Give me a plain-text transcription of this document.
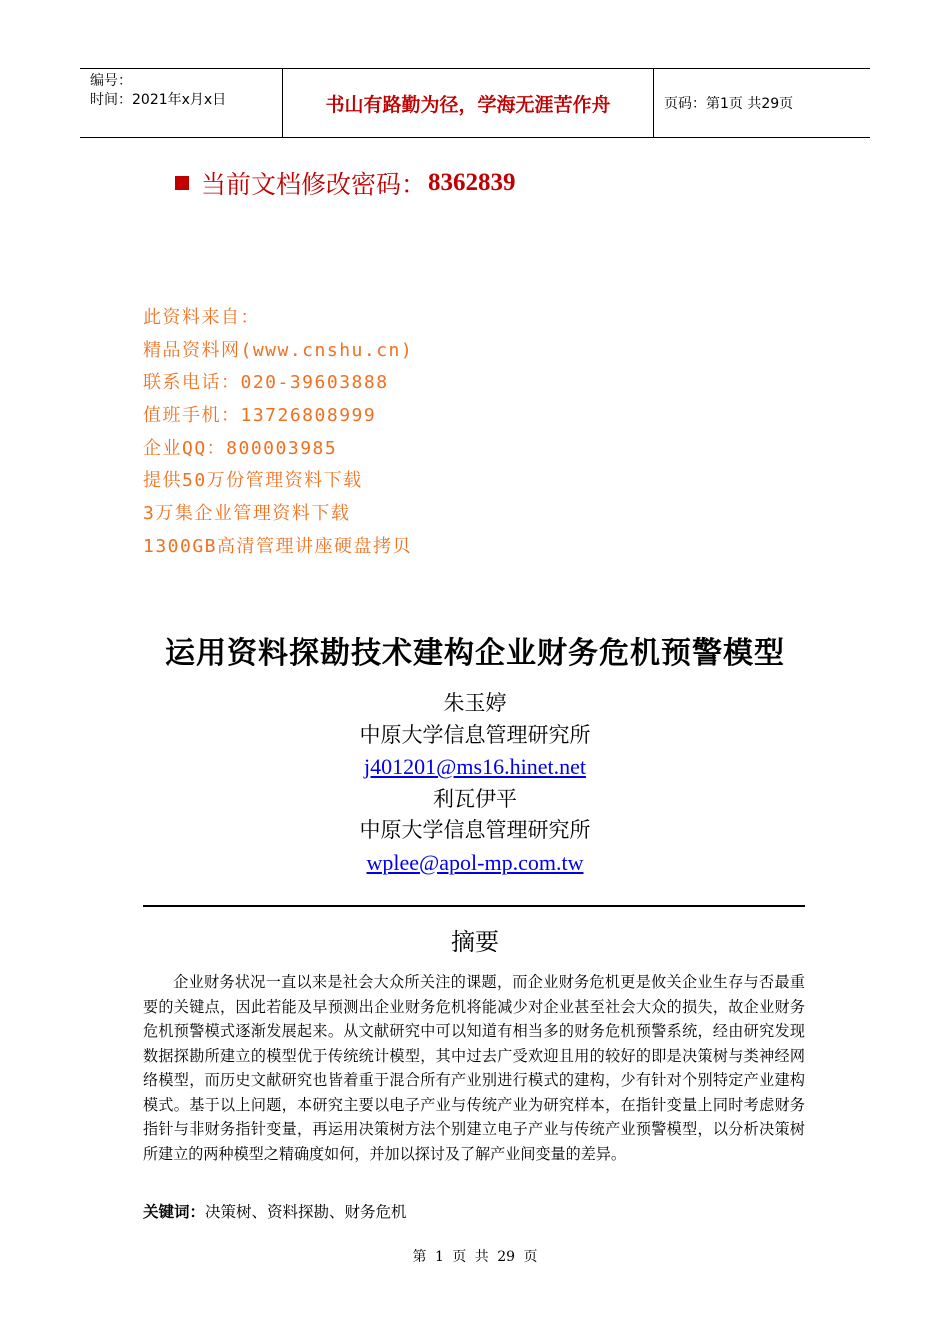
编号：
时间：2021年x月x日	书山有路勤为径，学海无涯苦作舟	页码：第1页 共29页
当前文档修改密码： 8362839
此资料来自：
精品资料网(www.cnshu.cn)
联系电话：020-39603888
值班手机：13726808999
企业QQ：800003985
提供50万份管理资料下载
3万集企业管理资料下载
1300GB高清管理讲座硬盘拷贝
运用资料探勘技术建构企业财务危机预警模型
朱玉婷
中原大学信息管理研究所
j401201@ms16.hinet.net
利瓦伊平
中原大学信息管理研究所
wplee@apol-mp.com.tw
摘要

企业财务状况一直以来是社会大众所关注的课题，而企业财务危机更是攸关企业生存与否最重要的关键点，因此若能及早预测出企业财务危机将能减少对企业甚至社会大众的损失，故企业财务危机预警模式逐渐发展起来。从文献研究中可以知道有相当多的财务危机预警系统，经由研究发现数据探勘所建立的模型优于传统统计模型，其中过去广受欢迎且用的较好的即是决策树与类神经网络模型，而历史文献研究也皆着重于混合所有产业别进行模式的建构，少有针对个别特定产业建构模式。基于以上问题，本研究主要以电子产业与传统产业为研究样本，在指针变量上同时考虑财务指针与非财务指针变量，再运用决策树方法个别建立电子产业与传统产业预警模型，以分析决策树所建立的两种模型之精确度如何，并加以探讨及了解产业间变量的差异。

关键词：决策树、资料探勘、财务危机
第 1 页 共 29 页
